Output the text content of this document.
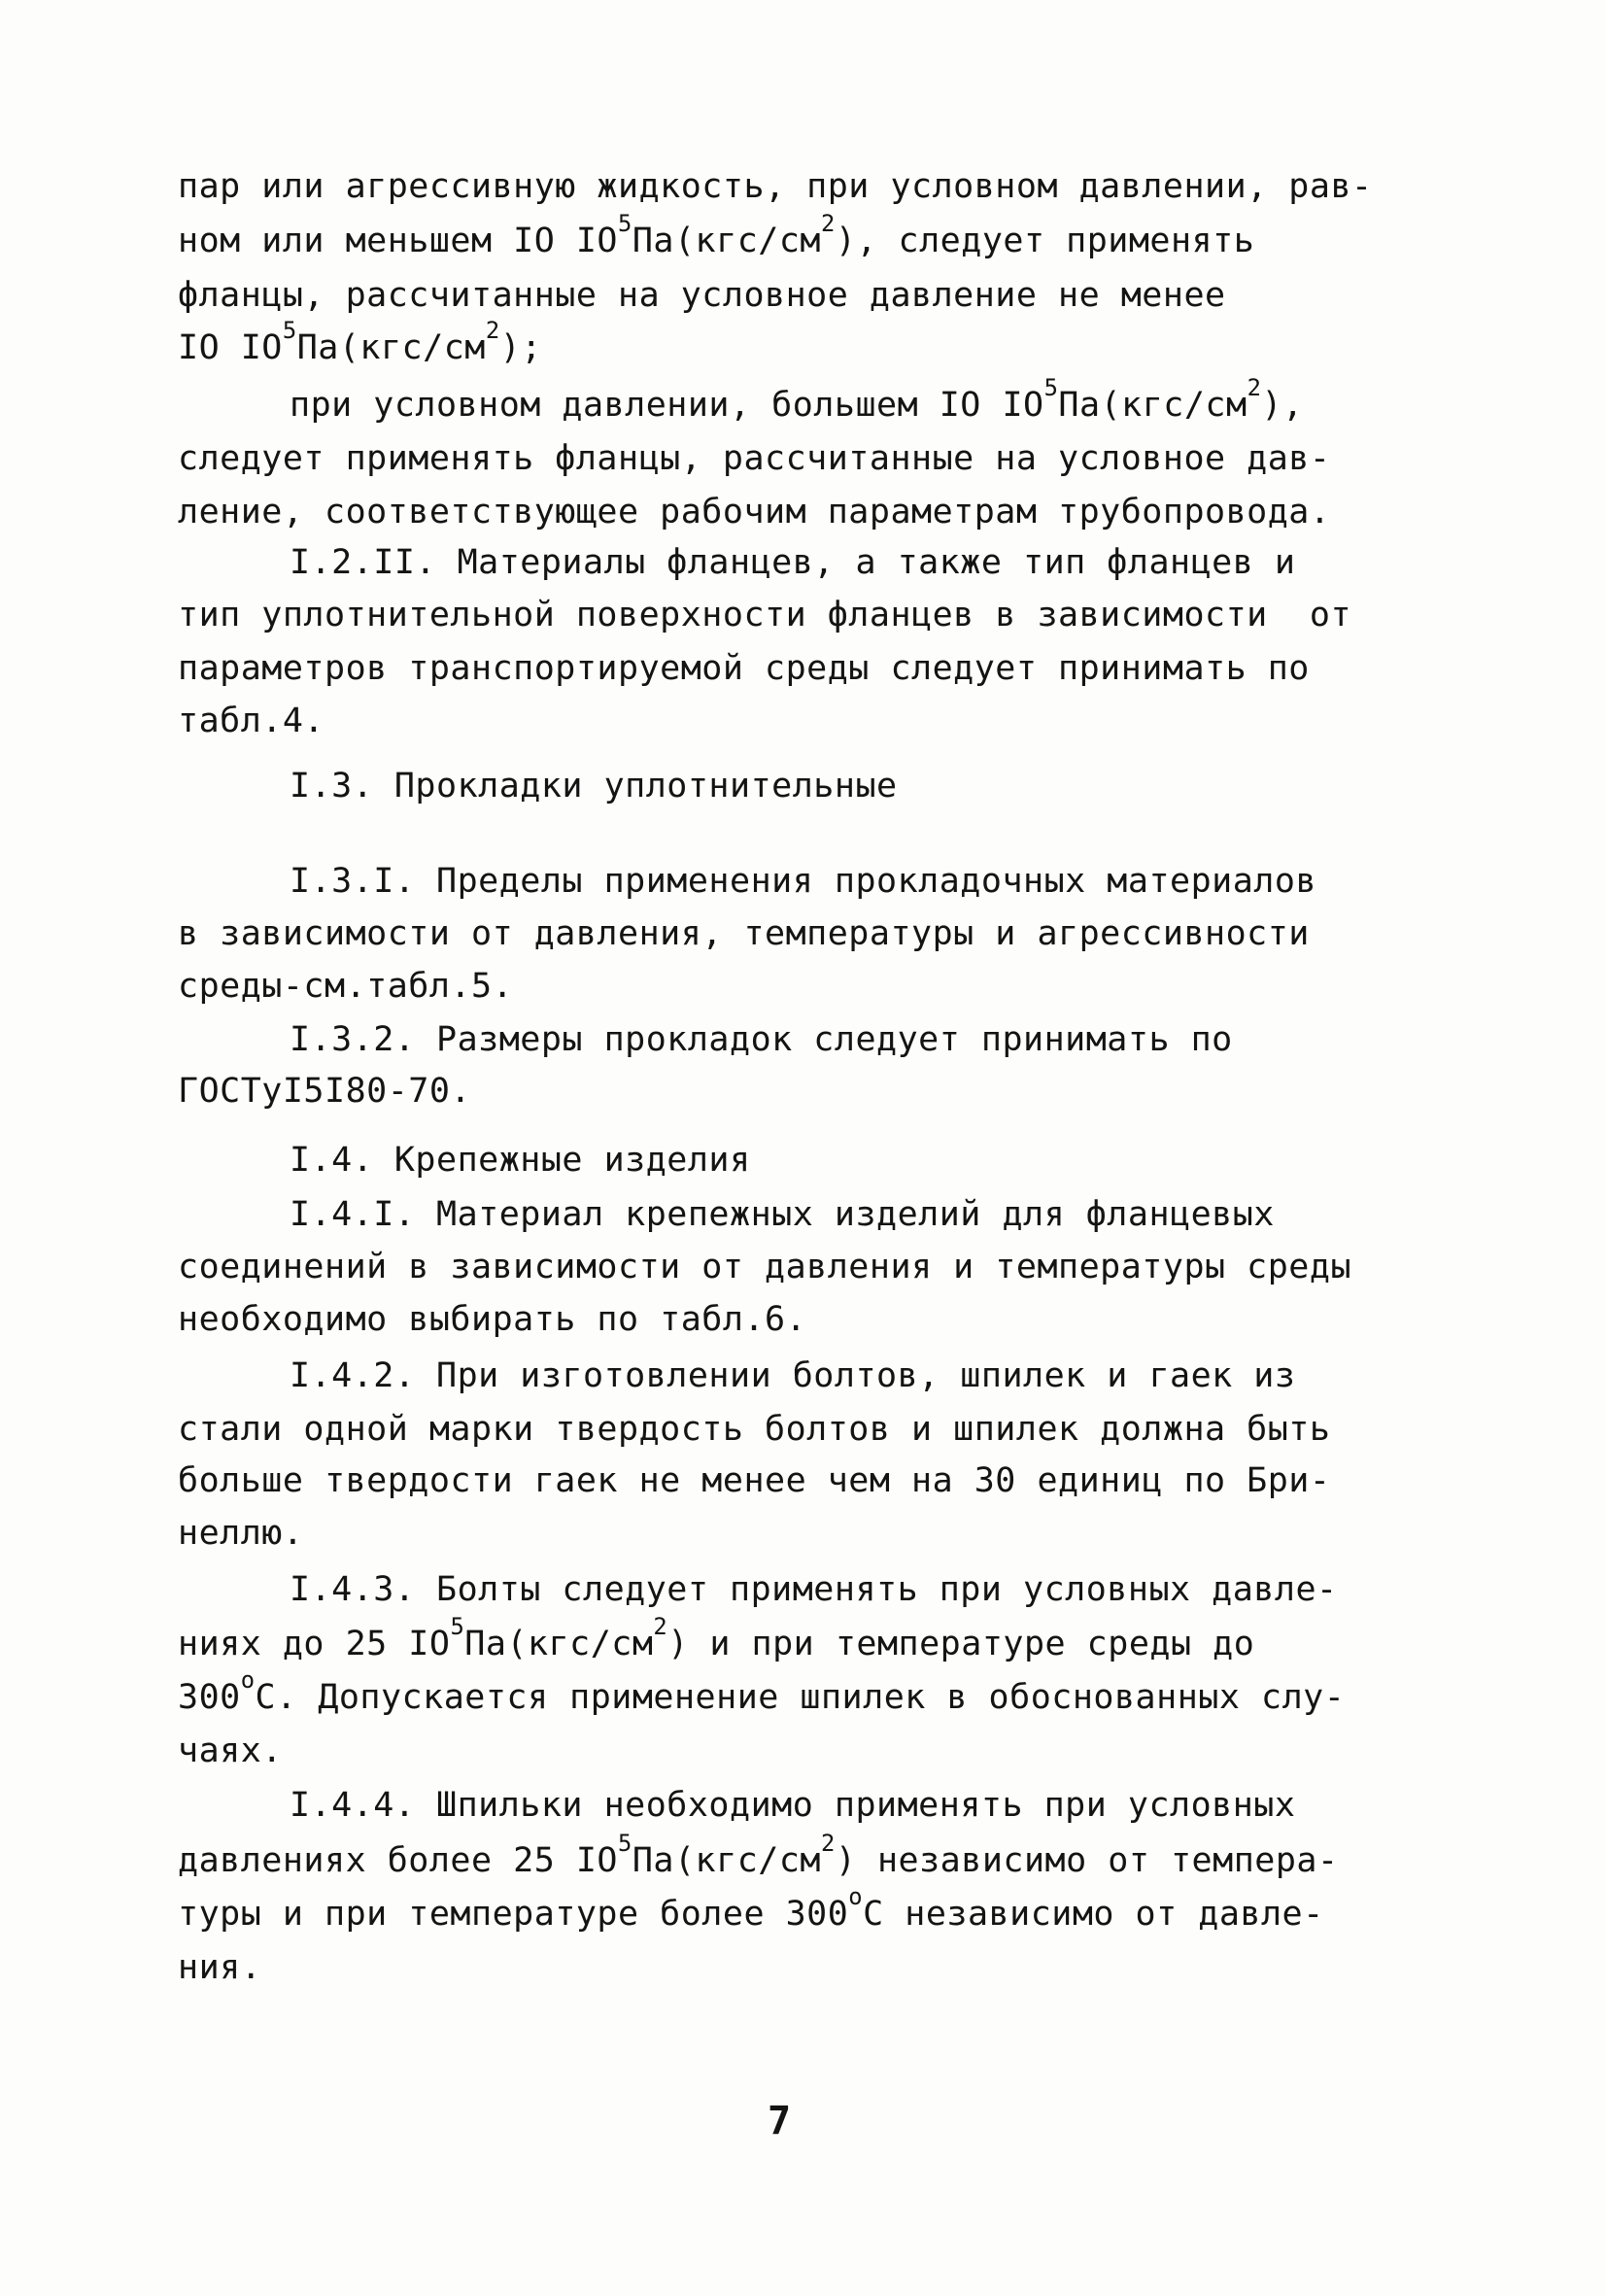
пар или агрессивную жидкость, при условном давлении, рав-
ном или меньшем IO $IO^5Па(кгс/см^2)$, следует применять
фланцы, рассчитанные на условное давление не менее
IO $IO^5Па(кгс/см^2)$;
при условном давлении, большем IO $IO^5Па(кгс/см^2)$,
следует применять фланцы, рассчитанные на условное дав-
ление, соответствующее рабочим параметрам трубопровода.
I.2.II. Материалы фланцев, а также тип фланцев и
тип уплотнительной поверхности фланцев в зависимости  от
параметров транспортируемой среды следует принимать по
табл.4.
I.3. Прокладки уплотнительные
I.3.I. Пределы применения прокладочных материалов
в зависимости от давления, температуры и агрессивности
среды-см.табл.5.
I.3.2. Размеры прокладок следует принимать по
ГОСТуI5I80-70.
I.4. Крепежные изделия
I.4.I. Материал крепежных изделий для фланцевых
соединений в зависимости от давления и температуры среды
необходимо выбирать по табл.6.
I.4.2. При изготовлении болтов, шпилек и гаек из
стали одной марки твердость болтов и шпилек должна быть
больше твердости гаек не менее чем на 30 единиц по Бри-
неллю.
I.4.3. Болты следует применять при условных давле-
ниях до 25 $IO^5Па(кгс/см^2)$ и при температуре среды до
300$^o$С. Допускается применение шпилек в обоснованных слу-
чаях.
I.4.4. Шпильки необходимо применять при условных
давлениях более 25 $IO^5Па(кгс/см^2)$ независимо от темпера-
туры и при температуре более 300$^o$С независимо от давле-
ния.
7
